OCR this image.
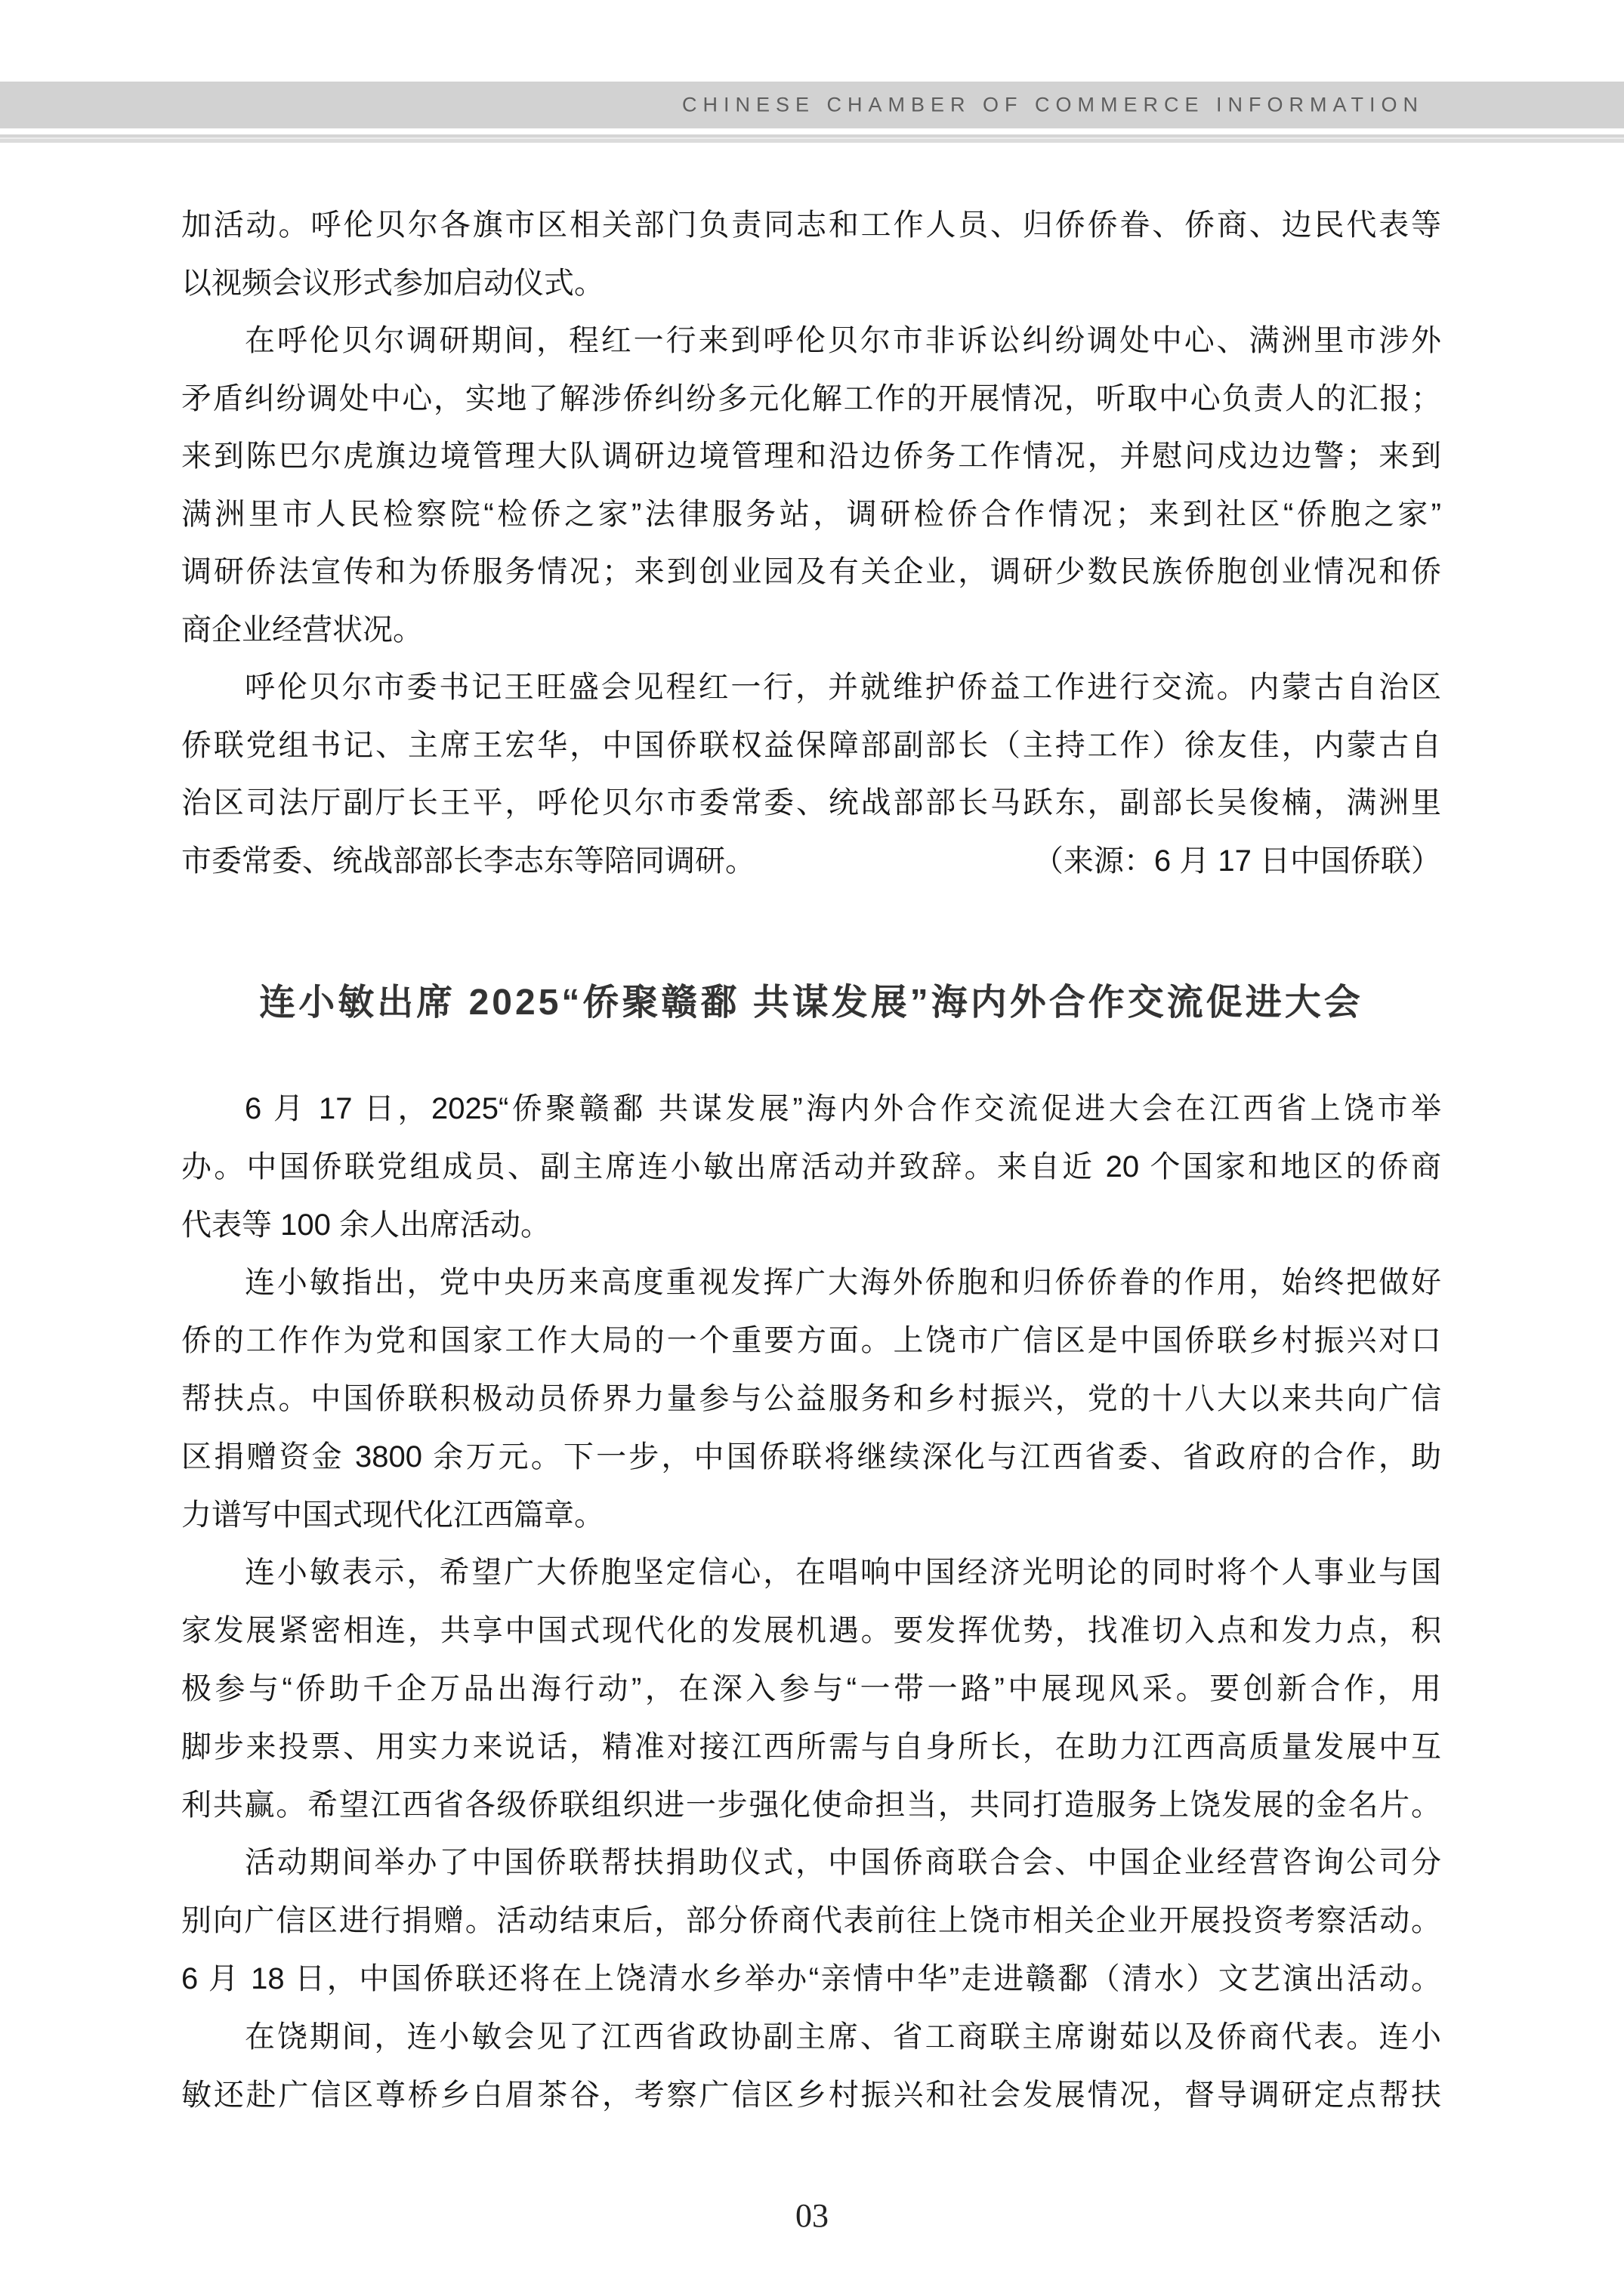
CHINESE CHAMBER OF COMMERCE INFORMATION
加活动。呼伦贝尔各旗市区相关部门负责同志和工作人员、归侨侨眷、侨商、边民代表等
以视频会议形式参加启动仪式。
在呼伦贝尔调研期间，程红一行来到呼伦贝尔市非诉讼纠纷调处中心、满洲里市涉外
矛盾纠纷调处中心，实地了解涉侨纠纷多元化解工作的开展情况，听取中心负责人的汇报；
来到陈巴尔虎旗边境管理大队调研边境管理和沿边侨务工作情况，并慰问戍边边警；来到
满洲里市人民检察院“检侨之家”法律服务站，调研检侨合作情况；来到社区“侨胞之家”
调研侨法宣传和为侨服务情况；来到创业园及有关企业，调研少数民族侨胞创业情况和侨
商企业经营状况。
呼伦贝尔市委书记王旺盛会见程红一行，并就维护侨益工作进行交流。内蒙古自治区
侨联党组书记、主席王宏华，中国侨联权益保障部副部长（主持工作）徐友佳，内蒙古自
治区司法厅副厅长王平，呼伦贝尔市委常委、统战部部长马跃东，副部长吴俊楠，满洲里
市委常委、统战部部长李志东等陪同调研。	（来源：6 月 17 日中国侨联）
连小敏出席 2025“侨聚赣鄱 共谋发展”海内外合作交流促进大会
6 月 17 日，2025“侨聚赣鄱 共谋发展”海内外合作交流促进大会在江西省上饶市举
办。中国侨联党组成员、副主席连小敏出席活动并致辞。来自近 20 个国家和地区的侨商
代表等 100 余人出席活动。
连小敏指出，党中央历来高度重视发挥广大海外侨胞和归侨侨眷的作用，始终把做好
侨的工作作为党和国家工作大局的一个重要方面。上饶市广信区是中国侨联乡村振兴对口
帮扶点。中国侨联积极动员侨界力量参与公益服务和乡村振兴，党的十八大以来共向广信
区捐赠资金 3800 余万元。下一步，中国侨联将继续深化与江西省委、省政府的合作，助
力谱写中国式现代化江西篇章。
连小敏表示，希望广大侨胞坚定信心，在唱响中国经济光明论的同时将个人事业与国
家发展紧密相连，共享中国式现代化的发展机遇。要发挥优势，找准切入点和发力点，积
极参与“侨助千企万品出海行动”，在深入参与“一带一路”中展现风采。要创新合作，用
脚步来投票、用实力来说话，精准对接江西所需与自身所长，在助力江西高质量发展中互
利共赢。希望江西省各级侨联组织进一步强化使命担当，共同打造服务上饶发展的金名片。
活动期间举办了中国侨联帮扶捐助仪式，中国侨商联合会、中国企业经营咨询公司分
别向广信区进行捐赠。活动结束后，部分侨商代表前往上饶市相关企业开展投资考察活动。
6 月 18 日，中国侨联还将在上饶清水乡举办“亲情中华”走进赣鄱（清水）文艺演出活动。
在饶期间，连小敏会见了江西省政协副主席、省工商联主席谢茹以及侨商代表。连小
敏还赴广信区尊桥乡白眉茶谷，考察广信区乡村振兴和社会发展情况，督导调研定点帮扶
03
